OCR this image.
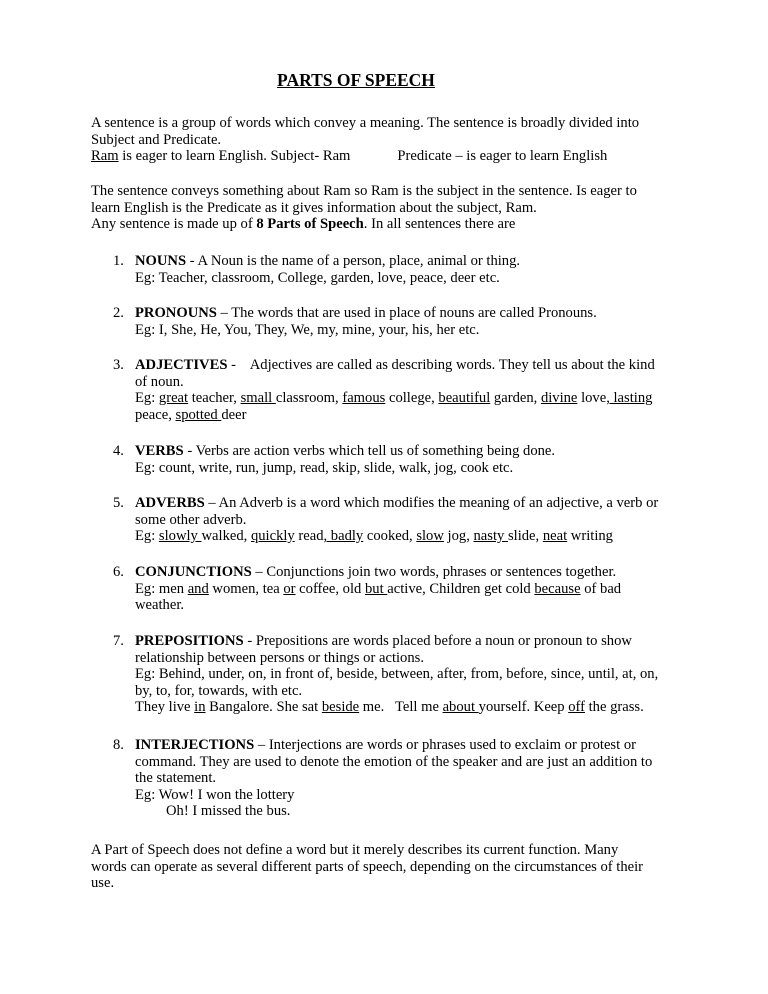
PARTS OF SPEECH
A sentence is a group of words which convey a meaning. The sentence is broadly divided into
Subject and Predicate.
Ram is eager to learn English. Subject- Ram	Predicate – is eager to learn English
The sentence conveys something about Ram so Ram is the subject in the sentence. Is eager to
learn English is the Predicate as it gives information about the subject, Ram.
Any sentence is made up of 8 Parts of Speech. In all sentences there are
1. NOUNS - A Noun is the name of a person, place, animal or thing.
Eg: Teacher, classroom, College, garden, love, peace, deer etc.
2. PRONOUNS – The words that are used in place of nouns are called Pronouns.
Eg: I, She, He, You, They, We, my, mine, your, his, her etc.
3. ADJECTIVES -    Adjectives are called as describing words. They tell us about the kind
of noun.
Eg: great teacher, small classroom, famous college, beautiful garden, divine love, lasting
peace, spotted deer
4. VERBS - Verbs are action verbs which tell us of something being done.
Eg: count, write, run, jump, read, skip, slide, walk, jog, cook etc.
5. ADVERBS – An Adverb is a word which modifies the meaning of an adjective, a verb or
some other adverb.
Eg: slowly walked, quickly read, badly cooked, slow jog, nasty slide, neat writing
6. CONJUNCTIONS – Conjunctions join two words, phrases or sentences together.
Eg: men and women, tea or coffee, old but active, Children get cold because of bad
weather.
7. PREPOSITIONS - Prepositions are words placed before a noun or pronoun to show
relationship between persons or things or actions.
Eg: Behind, under, on, in front of, beside, between, after, from, before, since, until, at, on,
by, to, for, towards, with etc.
They live in Bangalore. She sat beside me.   Tell me about yourself. Keep off the grass.
8. INTERJECTIONS – Interjections are words or phrases used to exclaim or protest or
command. They are used to denote the emotion of the speaker and are just an addition to
the statement.
Eg: Wow! I won the lottery
Oh! I missed the bus.
A Part of Speech does not define a word but it merely describes its current function. Many
words can operate as several different parts of speech, depending on the circumstances of their
use.
